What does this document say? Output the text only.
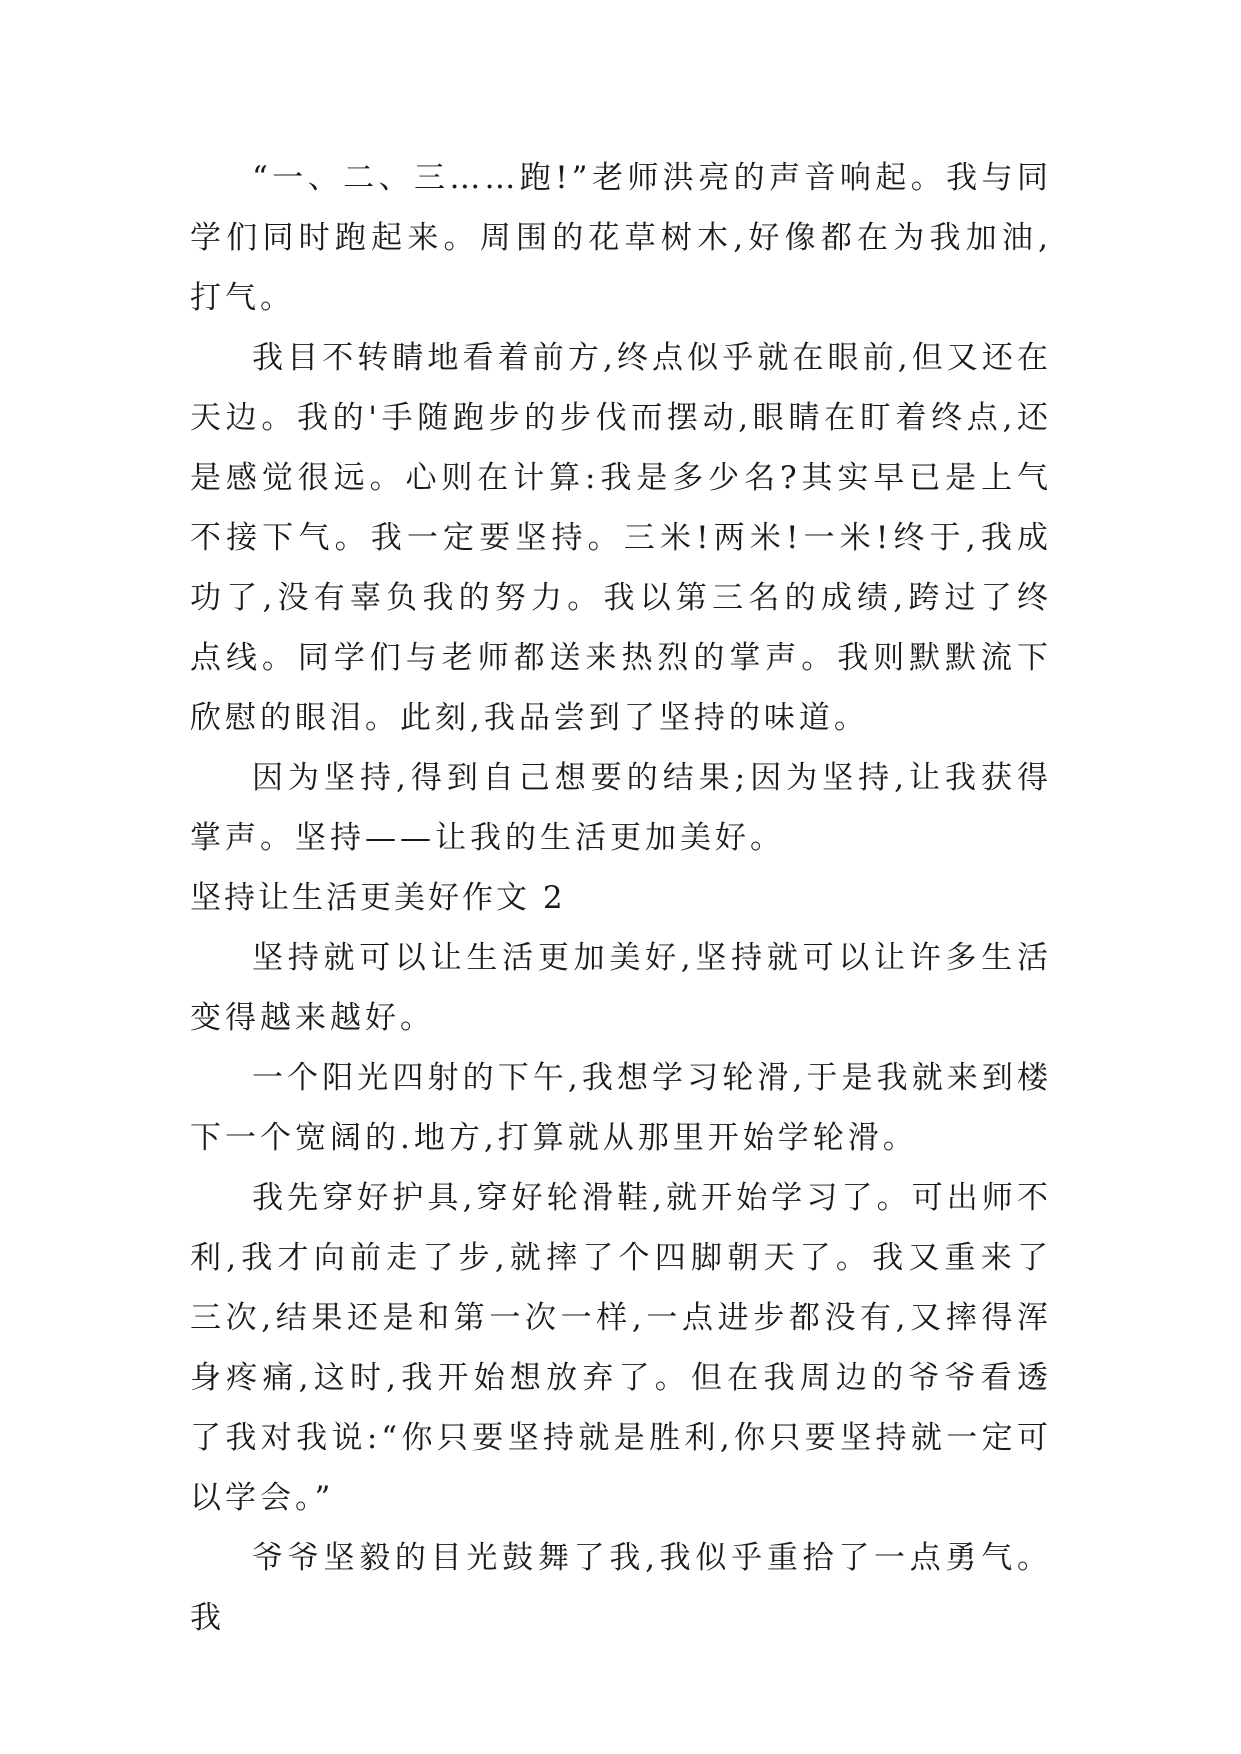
“一、二、三……跑!”老师洪亮的声音响起。我与同学们同时跑起来。周围的花草树木,好像都在为我加油,打气。

我目不转睛地看着前方,终点似乎就在眼前,但又还在天边。我的'手随跑步的步伐而摆动,眼睛在盯着终点,还是感觉很远。心则在计算:我是多少名?其实早已是上气不接下气。我一定要坚持。三米!两米!一米!终于,我成功了,没有辜负我的努力。我以第三名的成绩,跨过了终点线。同学们与老师都送来热烈的掌声。我则默默流下欣慰的眼泪。此刻,我品尝到了坚持的味道。

因为坚持,得到自己想要的结果;因为坚持,让我获得掌声。坚持——让我的生活更加美好。

坚持让生活更美好作文 2

坚持就可以让生活更加美好,坚持就可以让许多生活变得越来越好。

一个阳光四射的下午,我想学习轮滑,于是我就来到楼下一个宽阔的.地方,打算就从那里开始学轮滑。

我先穿好护具,穿好轮滑鞋,就开始学习了。可出师不利,我才向前走了步,就摔了个四脚朝天了。我又重来了三次,结果还是和第一次一样,一点进步都没有,又摔得浑身疼痛,这时,我开始想放弃了。但在我周边的爷爷看透了我对我说:“你只要坚持就是胜利,你只要坚持就一定可以学会。”

爷爷坚毅的目光鼓舞了我,我似乎重拾了一点勇气。我
